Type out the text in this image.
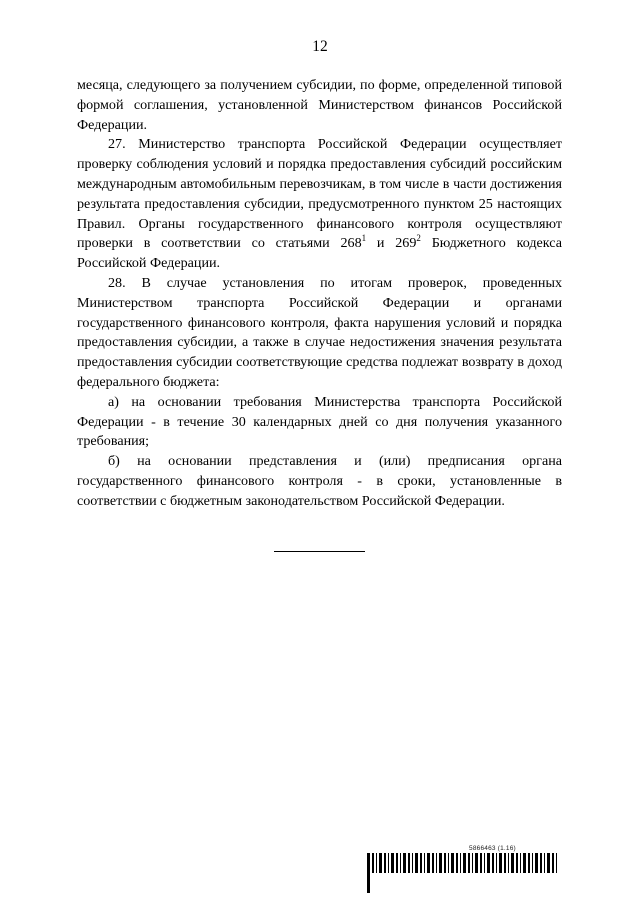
12

месяца, следующего за получением субсидии, по форме, определенной типовой формой соглашения, установленной Министерством финансов Российской Федерации.

27. Министерство транспорта Российской Федерации осуществляет проверку соблюдения условий и порядка предоставления субсидий российским международным автомобильным перевозчикам, в том числе в части достижения результата предоставления субсидии, предусмотренного пунктом 25 настоящих Правил. Органы государственного финансового контроля осуществляют проверки в соответствии со статьями $268^1$ и $269^2$ Бюджетного кодекса Российской Федерации.

28. В случае установления по итогам проверок, проведенных Министерством транспорта Российской Федерации и органами государственного финансового контроля, факта нарушения условий и порядка предоставления субсидии, а также в случае недостижения значения результата предоставления субсидии соответствующие средства подлежат возврату в доход федерального бюджета:

а) на основании требования Министерства транспорта Российской Федерации - в течение 30 календарных дней со дня получения указанного требования;

б) на основании представления и (или) предписания органа государственного финансового контроля - в сроки, установленные в соответствии с бюджетным законодательством Российской Федерации.

5866463 (1.16)
